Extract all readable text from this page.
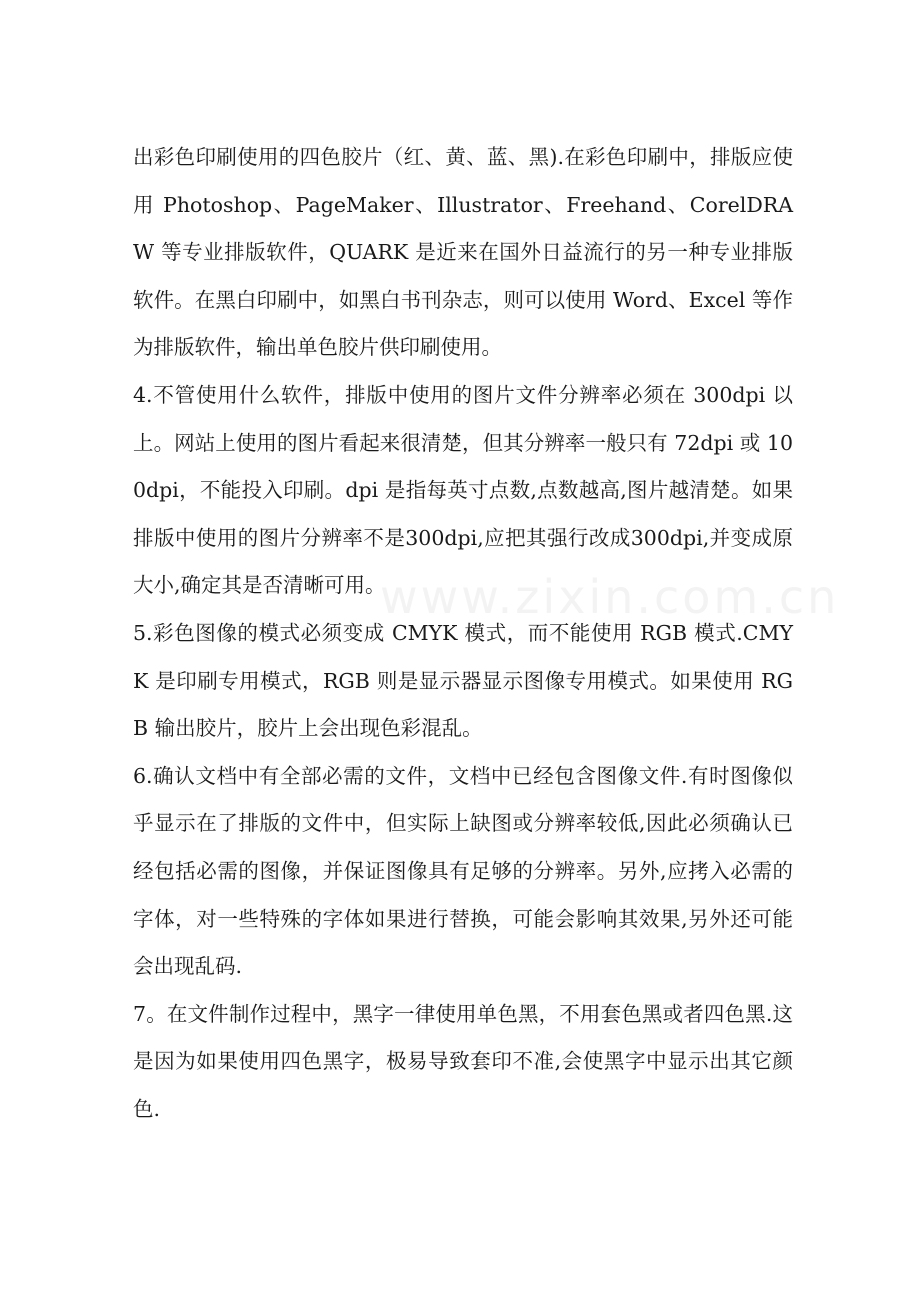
出彩色印刷使用的四色胶片（红、黄、蓝、黑).在彩色印刷中，排版应使用 Photoshop、PageMaker、Illustrator、Freehand、CorelDRAW 等专业排版软件，QUARK 是近来在国外日益流行的另一种专业排版软件。在黑白印刷中，如黑白书刊杂志，则可以使用 Word、Excel 等作为排版软件，输出单色胶片供印刷使用。

4.不管使用什么软件，排版中使用的图片文件分辨率必须在 300dpi 以上。网站上使用的图片看起来很清楚，但其分辨率一般只有 72dpi 或 100dpi，不能投入印刷。dpi 是指每英寸点数,点数越高,图片越清楚。如果排版中使用的图片分辨率不是300dpi,应把其强行改成300dpi,并变成原大小,确定其是否清晰可用。

5.彩色图像的模式必须变成 CMYK 模式，而不能使用 RGB 模式.CMYK 是印刷专用模式，RGB 则是显示器显示图像专用模式。如果使用 RGB 输出胶片，胶片上会出现色彩混乱。

6.确认文档中有全部必需的文件，文档中已经包含图像文件.有时图像似乎显示在了排版的文件中，但实际上缺图或分辨率较低,因此必须确认已经包括必需的图像，并保证图像具有足够的分辨率。另外,应拷入必需的字体，对一些特殊的字体如果进行替换，可能会影响其效果,另外还可能会出现乱码.

7。在文件制作过程中，黑字一律使用单色黑，不用套色黑或者四色黑.这是因为如果使用四色黑字，极易导致套印不准,会使黑字中显示出其它颜色.

www.zixin.com.cn
